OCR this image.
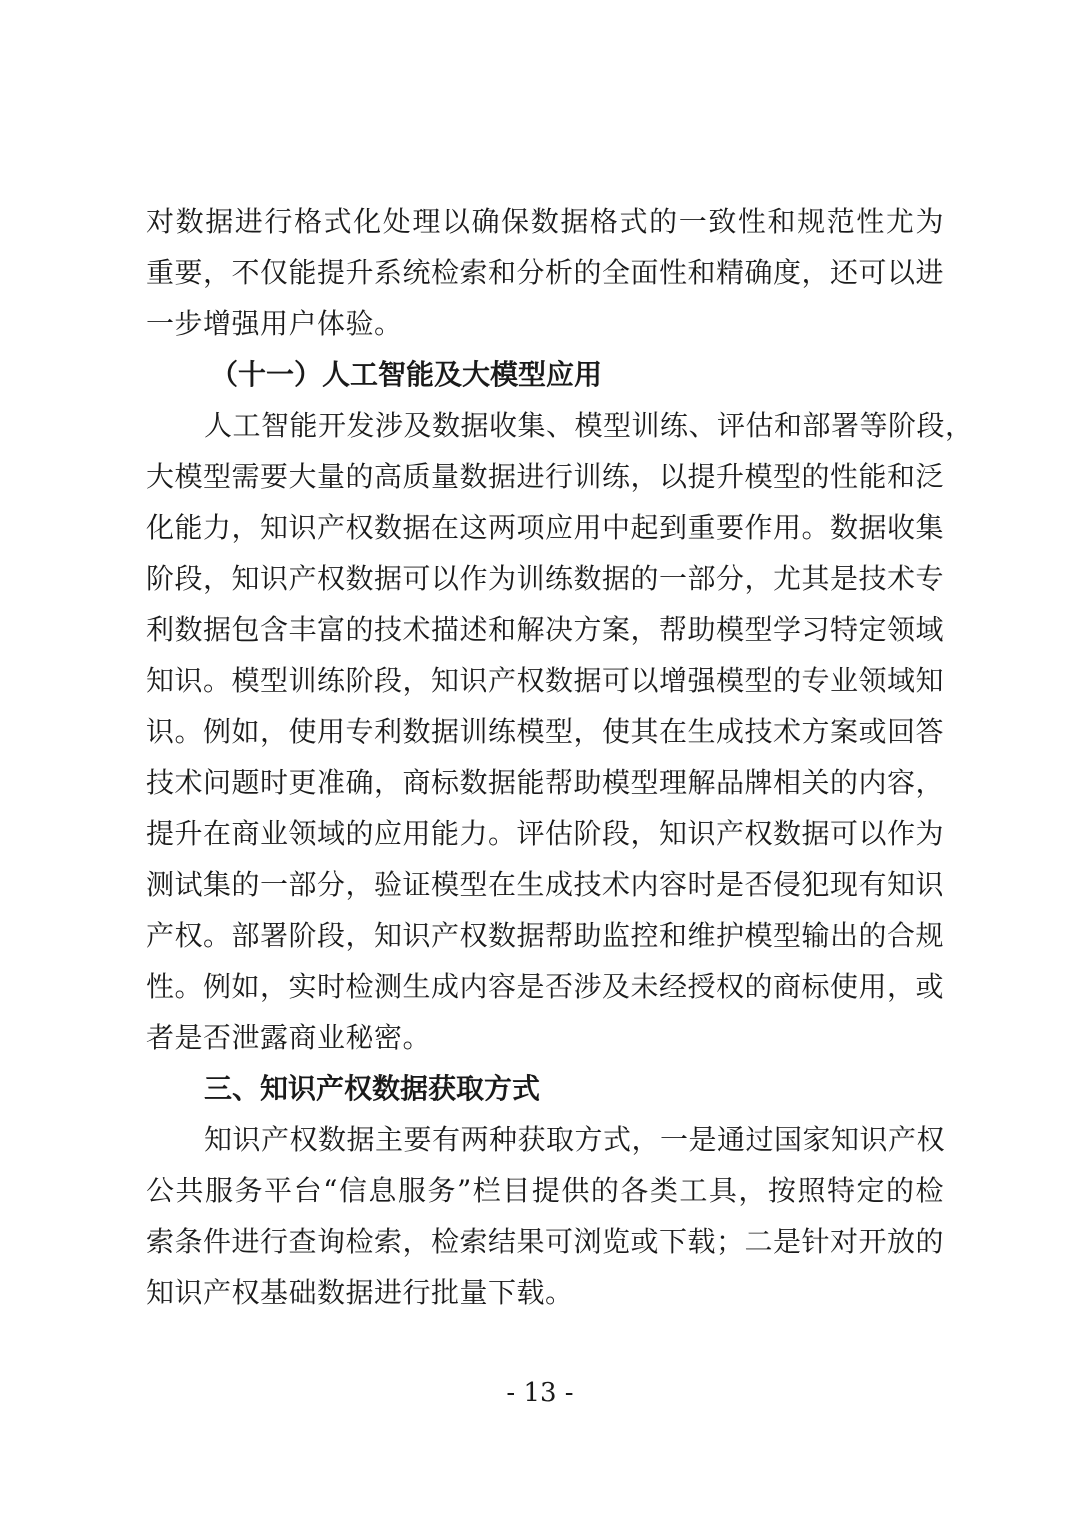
对数据进行格式化处理以确保数据格式的一致性和规范性尤为
重要，不仅能提升系统检索和分析的全面性和精确度，还可以进
一步增强用户体验。
（十一）人工智能及大模型应用
人工智能开发涉及数据收集、模型训练、评估和部署等阶段，
大模型需要大量的高质量数据进行训练，以提升模型的性能和泛
化能力，知识产权数据在这两项应用中起到重要作用。数据收集
阶段，知识产权数据可以作为训练数据的一部分，尤其是技术专
利数据包含丰富的技术描述和解决方案，帮助模型学习特定领域
知识。模型训练阶段，知识产权数据可以增强模型的专业领域知
识。例如，使用专利数据训练模型，使其在生成技术方案或回答
技术问题时更准确，商标数据能帮助模型理解品牌相关的内容，
提升在商业领域的应用能力。评估阶段，知识产权数据可以作为
测试集的一部分，验证模型在生成技术内容时是否侵犯现有知识
产权。部署阶段，知识产权数据帮助监控和维护模型输出的合规
性。例如，实时检测生成内容是否涉及未经授权的商标使用，或
者是否泄露商业秘密。
三、知识产权数据获取方式
知识产权数据主要有两种获取方式，一是通过国家知识产权
公共服务平台“信息服务”栏目提供的各类工具，按照特定的检
索条件进行查询检索，检索结果可浏览或下载；二是针对开放的
知识产权基础数据进行批量下载。
- 13 -
